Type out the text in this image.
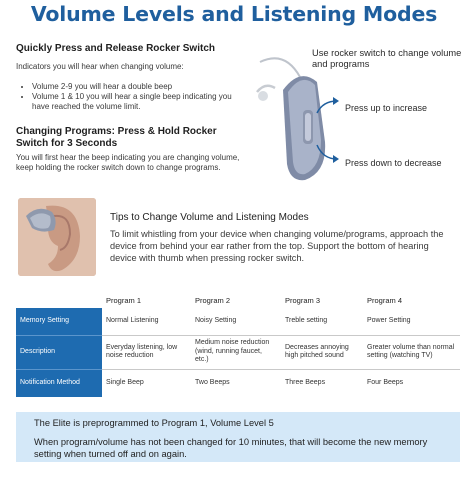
Volume Levels and Listening Modes
Quickly Press and Release Rocker Switch
Indicators you will hear when changing volume:
• Volume 2-9 you will hear a double beep
• Volume 1 & 10 you will hear a single beep indicating you have reached the volume limit.
Changing Programs: Press & Hold Rocker Switch for 3 Seconds
You will first hear the beep indicating you are changing volume, keep holding the rocker switch down to change programs.
Use rocker switch to change volume and programs
Press up to increase
Press down to decrease
Tips to Change Volume and Listening Modes
To limit whistling from your device when changing volume/programs, approach the device from behind your ear rather from the top. Support the bottom of hearing device with thumb when pressing rocker switch.
	Program 1	Program 2	Program 3	Program 4
Memory Setting	Normal Listening	Noisy Setting	Treble setting	Power Setting
Description	Everyday listening, low noise reduction	Medium noise reduction (wind, running faucet, etc.)	Decreases annoying high pitched sound	Greater volume than normal setting (watching TV)
Notification Method	Single Beep	Two Beeps	Three Beeps	Four Beeps

The Elite is preprogrammed to Program 1, Volume Level 5

When program/volume has not been changed for 10 minutes, that will become the new memory setting when turned off and on again.
